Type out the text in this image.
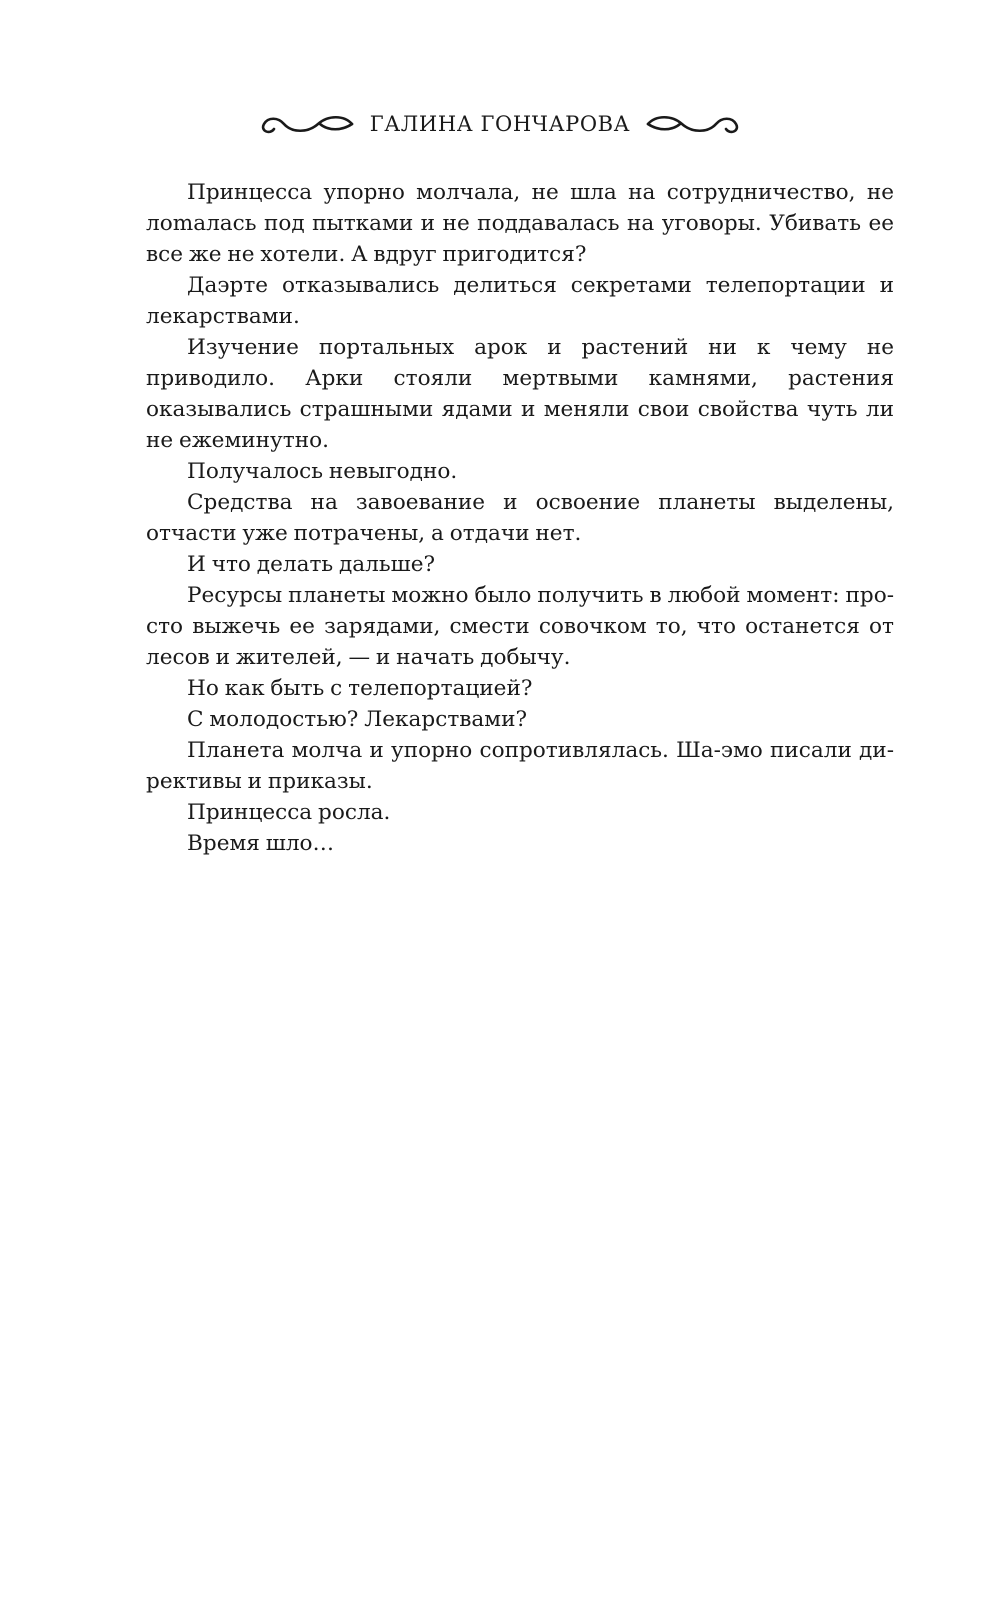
ГАЛИНА ГОНЧАРОВА

Принцесса упорно молчала, не шла на сотрудничество, не лоmалась под пытками и не поддавалась на уговоры. Убивать ее все же не хотели. А вдруг пригодится?

Даэрте отказывались делиться секретами телепортации и лекарствами.

Изучение портальных арок и растений ни к чему не приводило. Арки стояли мертвыми камнями, растения оказывались страшными ядами и меняли свои свойства чуть ли не ежеминутно.

Получалось невыгодно.

Средства на завоевание и освоение планеты выделены, отчасти уже потрачены, а отдачи нет.

И что делать дальше?

Ресурсы планеты можно было получить в любой момент: просто выжечь ее зарядами, смести совочком то, что останется от лесов и жителей, — и начать добычу.

Но как быть с телепортацией?

С молодостью? Лекарствами?

Планета молча и упорно сопротивлялась. Ша-эмо писали директивы и приказы.

Принцесса росла.

Время шло…
